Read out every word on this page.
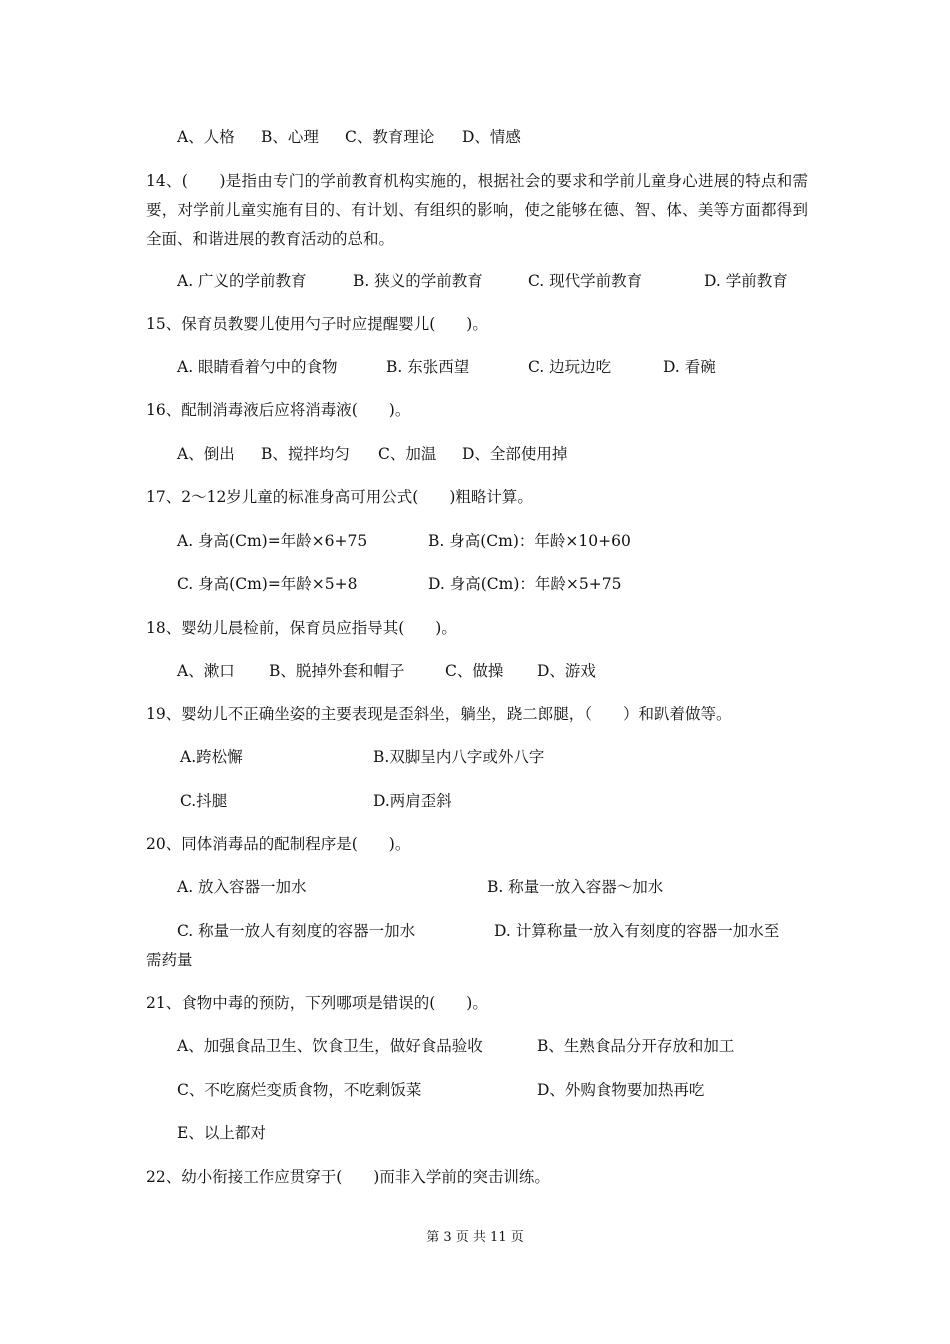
A、人格 B、心理 C、教育理论 D、情感
14、(　　)是指由专门的学前教育机构实施的，根据社会的要求和学前儿童身心进展的特点和需要，对学前儿童实施有目的、有计划、有组织的影响，使之能够在德、智、体、美等方面都得到全面、和谐进展的教育活动的总和。
A. 广义的学前教育	B. 狭义的学前教育	C. 现代学前教育	D. 学前教育
15、保育员教婴儿使用勺子时应提醒婴儿(　　)。
A. 眼睛看着勺中的食物	B. 东张西望	C. 边玩边吃	D. 看碗
16、配制消毒液后应将消毒液(　　)。
A、倒出 B、搅拌均匀 C、加温 D、全部使用掉
17、2～12岁儿童的标准身高可用公式(　　)粗略计算。
A. 身高(Cm)=年龄×6+75	B. 身高(Cm)：年龄×10+60
C. 身高(Cm)=年龄×5+8	D. 身高(Cm)：年龄×5+75
18、婴幼儿晨检前，保育员应指导其(　　)。
A、漱口 B、脱掉外套和帽子	C、做操 D、游戏
19、婴幼儿不正确坐姿的主要表现是歪斜坐，躺坐，跷二郎腿，（　　）和趴着做等。
A.跨松懈	B.双脚呈内八字或外八字
C.抖腿	D.两肩歪斜
20、同体消毒品的配制程序是(　　)。
A. 放入容器一加水	B. 称量一放入容器～加水
C. 称量一放人有刻度的容器一加水	D. 计算称量一放入有刻度的容器一加水至
需药量
21、食物中毒的预防，下列哪项是错误的(　　)。
A、加强食品卫生、饮食卫生，做好食品验收	B、生熟食品分开存放和加工
C、不吃腐烂变质食物，不吃剩饭菜	D、外购食物要加热再吃
E、以上都对
22、幼小衔接工作应贯穿于(　　)而非入学前的突击训练。
第 3 页 共 11 页
